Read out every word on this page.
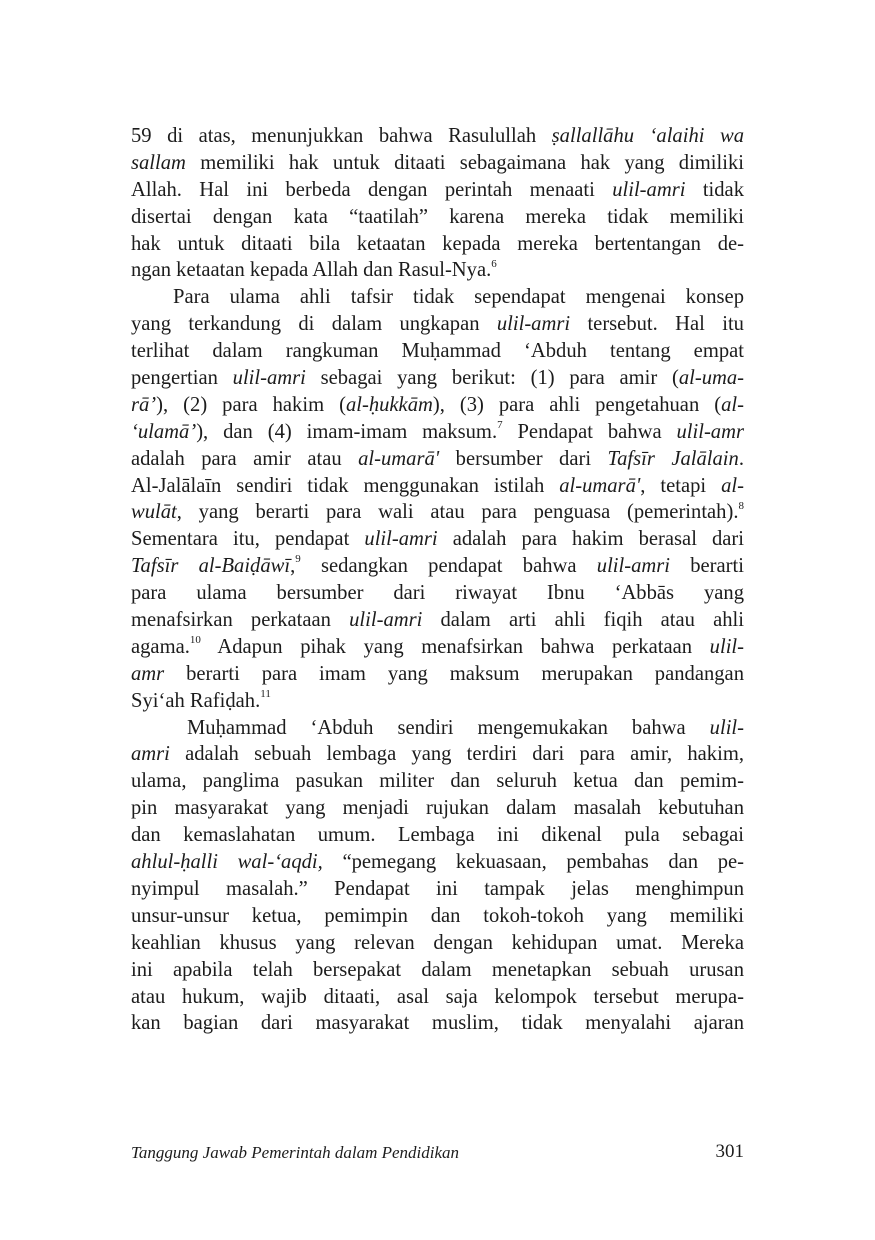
59 di atas, menunjukkan bahwa Rasulullah ṣallallāhu ‘alaihi wa
sallam memiliki hak untuk ditaati sebagaimana hak yang dimiliki
Allah. Hal ini berbeda dengan perintah menaati ulil-amri tidak
disertai dengan kata “taatilah” karena mereka tidak memiliki
hak untuk ditaati bila ketaatan kepada mereka bertentangan de-
ngan ketaatan kepada Allah dan Rasul-Nya.$^6$
Para ulama ahli tafsir tidak sependapat mengenai konsep
yang terkandung di dalam ungkapan ulil-amri tersebut. Hal itu
terlihat dalam rangkuman Muḥammad ‘Abduh tentang empat
pengertian ulil-amri sebagai yang berikut: (1) para amir (al-uma-
rā’), (2) para hakim (al-ḥukkām), (3) para ahli pengetahuan (al-
‘ulamā’), dan (4) imam-imam maksum.$^7$ Pendapat bahwa ulil-amr
adalah para amir atau al-umarā' bersumber dari Tafsīr Jalālain.
Al-Jalālaīn sendiri tidak menggunakan istilah al-umarā', tetapi al-
wulāt, yang berarti para wali atau para penguasa (pemerintah).$^8$
Sementara itu, pendapat ulil-amri adalah para hakim berasal dari
Tafsīr al-Baiḍāwī,$^9$ sedangkan pendapat bahwa ulil-amri berarti
para ulama bersumber dari riwayat Ibnu ‘Abbās yang
menafsirkan perkataan ulil-amri dalam arti ahli fiqih atau ahli
agama.$^{10}$ Adapun pihak yang menafsirkan bahwa perkataan ulil-
amr berarti para imam yang maksum merupakan pandangan
Syi‘ah Rafiḍah.$^{11}$
Muḥammad ‘Abduh sendiri mengemukakan bahwa ulil-
amri adalah sebuah lembaga yang terdiri dari para amir, hakim,
ulama, panglima pasukan militer dan seluruh ketua dan pemim-
pin masyarakat yang menjadi rujukan dalam masalah kebutuhan
dan kemaslahatan umum. Lembaga ini dikenal pula sebagai
ahlul-ḥalli wal-‘aqdi, “pemegang kekuasaan, pembahas dan pe-
nyimpul masalah.” Pendapat ini tampak jelas menghimpun
unsur-unsur ketua, pemimpin dan tokoh-tokoh yang memiliki
keahlian khusus yang relevan dengan kehidupan umat. Mereka
ini apabila telah bersepakat dalam menetapkan sebuah urusan
atau hukum, wajib ditaati, asal saja kelompok tersebut merupa-
kan bagian dari masyarakat muslim, tidak menyalahi ajaran
Tanggung Jawab Pemerintah dalam Pendidikan	301
